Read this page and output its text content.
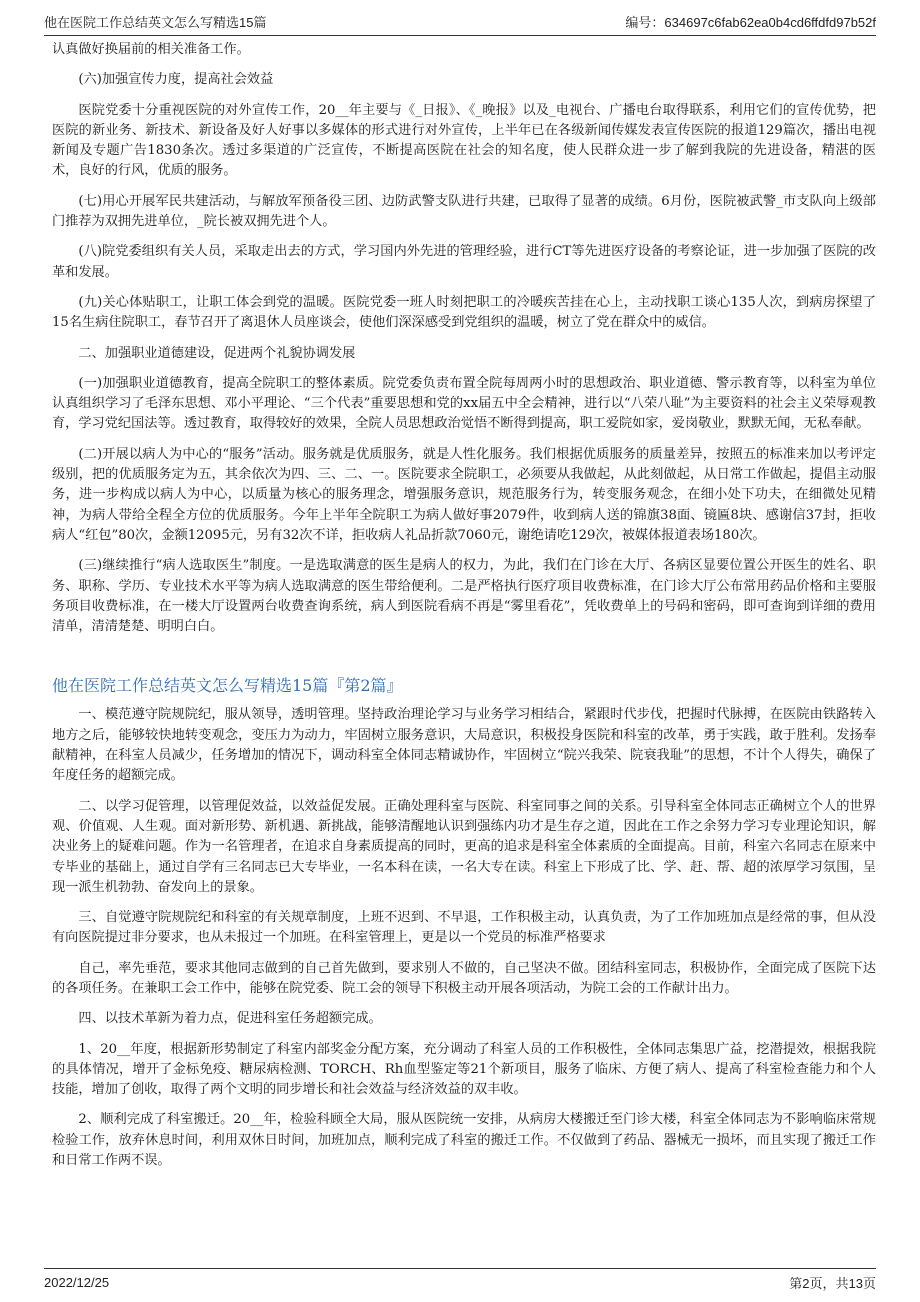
他在医院工作总结英文怎么写精选15篇	编号：634697c6fab62ea0b4cd6ffdfd97b52f

认真做好换届前的相关准备工作。

(六)加强宣传力度，提高社会效益

医院党委十分重视医院的对外宣传工作，20__年主要与《_日报》、《_晚报》以及_电视台、广播电台取得联系，利用它们的宣传优势，把医院的新业务、新技术、新设备及好人好事以多媒体的形式进行对外宣传，上半年已在各级新闻传媒发表宣传医院的报道129篇次，播出电视新闻及专题广告1830条次。透过多渠道的广泛宣传，不断提高医院在社会的知名度，使人民群众进一步了解到我院的先进设备，精湛的医术，良好的行风，优质的服务。

(七)用心开展军民共建活动，与解放军预备役三团、边防武警支队进行共建，已取得了显著的成绩。6月份，医院被武警_市支队向上级部门推荐为双拥先进单位，_院长被双拥先进个人。

(八)院党委组织有关人员，采取走出去的方式，学习国内外先进的管理经验，进行CT等先进医疗设备的考察论证，进一步加强了医院的改革和发展。

(九)关心体贴职工，让职工体会到党的温暖。医院党委一班人时刻把职工的冷暖疾苦挂在心上，主动找职工谈心135人次，到病房探望了15名生病住院职工，春节召开了离退休人员座谈会，使他们深深感受到党组织的温暖，树立了党在群众中的威信。

二、加强职业道德建设，促进两个礼貌协调发展

(一)加强职业道德教育，提高全院职工的整体素质。院党委负责布置全院每周两小时的思想政治、职业道德、警示教育等，以科室为单位认真组织学习了毛泽东思想、邓小平理论、“三个代表”重要思想和党的xx届五中全会精神，进行以“八荣八耻”为主要资料的社会主义荣辱观教育，学习党纪国法等。透过教育，取得较好的效果，全院人员思想政治觉悟不断得到提高，职工爱院如家，爱岗敬业，默默无闻，无私奉献。

(二)开展以病人为中心的“服务”活动。服务就是优质服务，就是人性化服务。我们根据优质服务的质量差异，按照五的标准来加以考评定级别，把的优质服务定为五，其余依次为四、三、二、一。医院要求全院职工，必须要从我做起，从此刻做起，从日常工作做起，提倡主动服务，进一步构成以病人为中心，以质量为核心的服务理念，增强服务意识，规范服务行为，转变服务观念，在细小处下功夫，在细微处见精神，为病人带给全程全方位的优质服务。今年上半年全院职工为病人做好事2079件，收到病人送的锦旗38面、镜匾8块、感谢信37封，拒收病人“红包”80次，金额12095元，另有32次不详，拒收病人礼品折款7060元，谢绝请吃129次，被媒体报道表场180次。

(三)继续推行“病人选取医生”制度。一是选取满意的医生是病人的权力，为此，我们在门诊在大厅、各病区显要位置公开医生的姓名、职务、职称、学历、专业技术水平等为病人选取满意的医生带给便利。二是严格执行医疗项目收费标准，在门诊大厅公布常用药品价格和主要服务项目收费标准，在一楼大厅设置两台收费查询系统，病人到医院看病不再是“雾里看花”，凭收费单上的号码和密码，即可查询到详细的费用清单，清清楚楚、明明白白。

他在医院工作总结英文怎么写精选15篇『第2篇』

一、模范遵守院规院纪，服从领导，透明管理。坚持政治理论学习与业务学习相结合，紧跟时代步伐，把握时代脉搏，在医院由铁路转入地方之后，能够较快地转变观念，变压力为动力，牢固树立服务意识，大局意识，积极投身医院和科室的改革，勇于实践，敢于胜利。发扬奉献精神，在科室人员减少，任务增加的情况下，调动科室全体同志精诚协作，牢固树立“院兴我荣、院衰我耻”的思想，不计个人得失，确保了年度任务的超额完成。

二、以学习促管理，以管理促效益，以效益促发展。正确处理科室与医院、科室同事之间的关系。引导科室全体同志正确树立个人的世界观、价值观、人生观。面对新形势、新机遇、新挑战，能够清醒地认识到强练内功才是生存之道，因此在工作之余努力学习专业理论知识，解决业务上的疑难问题。作为一名管理者，在追求自身素质提高的同时，更高的追求是科室全体素质的全面提高。目前，科室六名同志在原来中专毕业的基础上，通过自学有三名同志已大专毕业，一名本科在读，一名大专在读。科室上下形成了比、学、赶、帮、超的浓厚学习氛围，呈现一派生机勃勃、奋发向上的景象。

三、自觉遵守院规院纪和科室的有关规章制度，上班不迟到、不早退，工作积极主动，认真负责，为了工作加班加点是经常的事，但从没有向医院提过非分要求，也从未报过一个加班。在科室管理上，更是以一个党员的标准严格要求

自己，率先垂范，要求其他同志做到的自己首先做到，要求别人不做的，自己坚决不做。团结科室同志，积极协作，全面完成了医院下达的各项任务。在兼职工会工作中，能够在院党委、院工会的领导下积极主动开展各项活动，为院工会的工作献计出力。

四、以技术革新为着力点，促进科室任务超额完成。

1、20__年度，根据新形势制定了科室内部奖金分配方案，充分调动了科室人员的工作积极性，全体同志集思广益，挖潜提效，根据我院的具体情况，增开了金标免疫、糖尿病检测、TORCH、Rh血型鉴定等21个新项目，服务了临床、方便了病人、提高了科室检查能力和个人技能，增加了创收，取得了两个文明的同步增长和社会效益与经济效益的双丰收。

2、顺利完成了科室搬迁。20__年，检验科顾全大局，服从医院统一安排，从病房大楼搬迁至门诊大楼，科室全体同志为不影响临床常规检验工作，放弃休息时间，利用双休日时间，加班加点，顺利完成了科室的搬迁工作。不仅做到了药品、器械无一损坏，而且实现了搬迁工作和日常工作两不误。

2022/12/25	第2页，共13页
